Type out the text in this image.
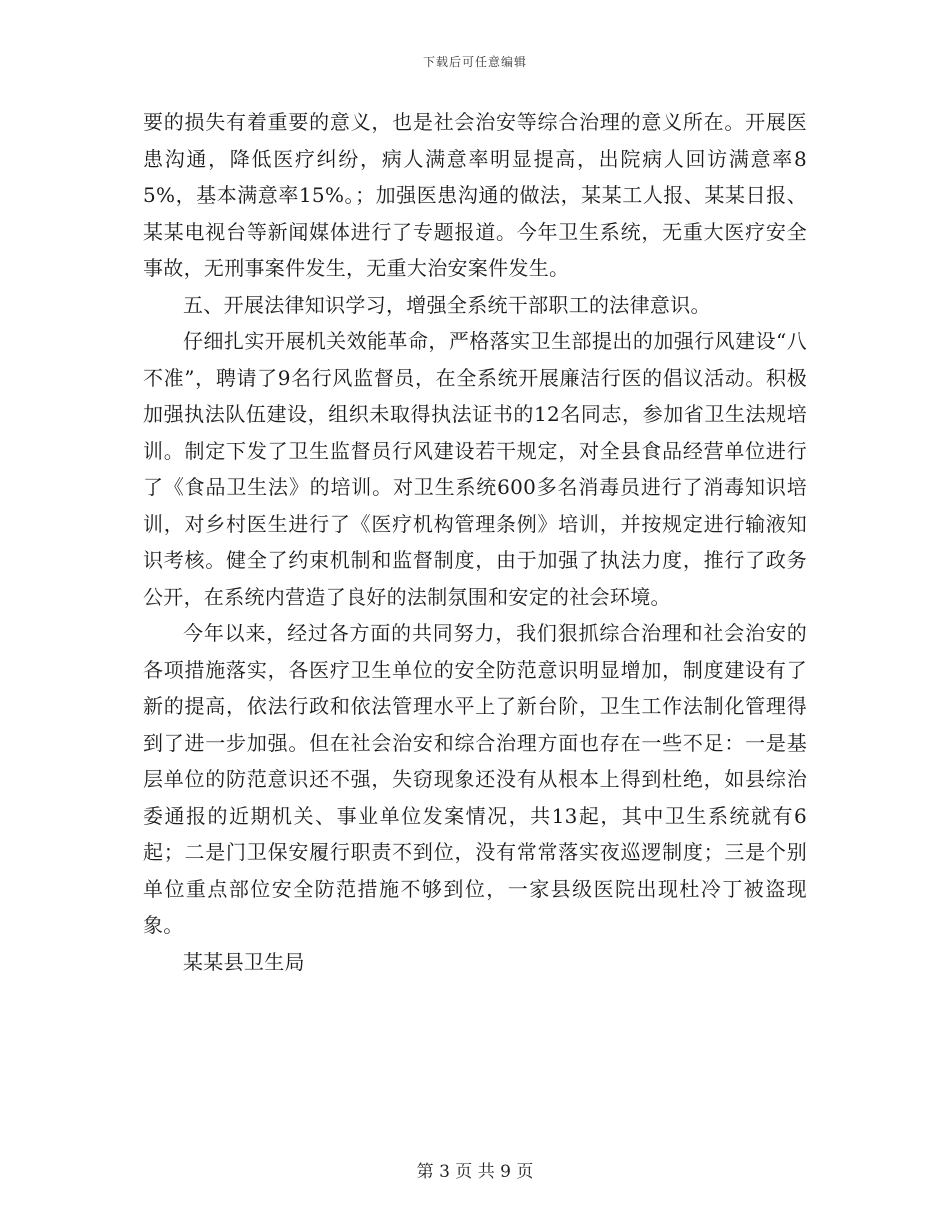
下载后可任意编辑

要的损失有着重要的意义，也是社会治安等综合治理的意义所在。开展医患沟通，降低医疗纠纷，病人满意率明显提高，出院病人回访满意率85%，基本满意率15%。；加强医患沟通的做法，某某工人报、某某日报、某某电视台等新闻媒体进行了专题报道。今年卫生系统，无重大医疗安全事故，无刑事案件发生，无重大治安案件发生。

五、开展法律知识学习，增强全系统干部职工的法律意识。

仔细扎实开展机关效能革命，严格落实卫生部提出的加强行风建设“八不准”，聘请了9名行风监督员，在全系统开展廉洁行医的倡议活动。积极加强执法队伍建设，组织未取得执法证书的12名同志，参加省卫生法规培训。制定下发了卫生监督员行风建设若干规定，对全县食品经营单位进行了《食品卫生法》的培训。对卫生系统600多名消毒员进行了消毒知识培训，对乡村医生进行了《医疗机构管理条例》培训，并按规定进行输液知识考核。健全了约束机制和监督制度，由于加强了执法力度，推行了政务公开，在系统内营造了良好的法制氛围和安定的社会环境。

今年以来，经过各方面的共同努力，我们狠抓综合治理和社会治安的各项措施落实，各医疗卫生单位的安全防范意识明显增加，制度建设有了新的提高，依法行政和依法管理水平上了新台阶，卫生工作法制化管理得到了进一步加强。但在社会治安和综合治理方面也存在一些不足：一是基层单位的防范意识还不强，失窃现象还没有从根本上得到杜绝，如县综治委通报的近期机关、事业单位发案情况，共13起，其中卫生系统就有6起；二是门卫保安履行职责不到位，没有常常落实夜巡逻制度；三是个别单位重点部位安全防范措施不够到位，一家县级医院出现杜冷丁被盗现象。

某某县卫生局

第 3 页 共 9 页
